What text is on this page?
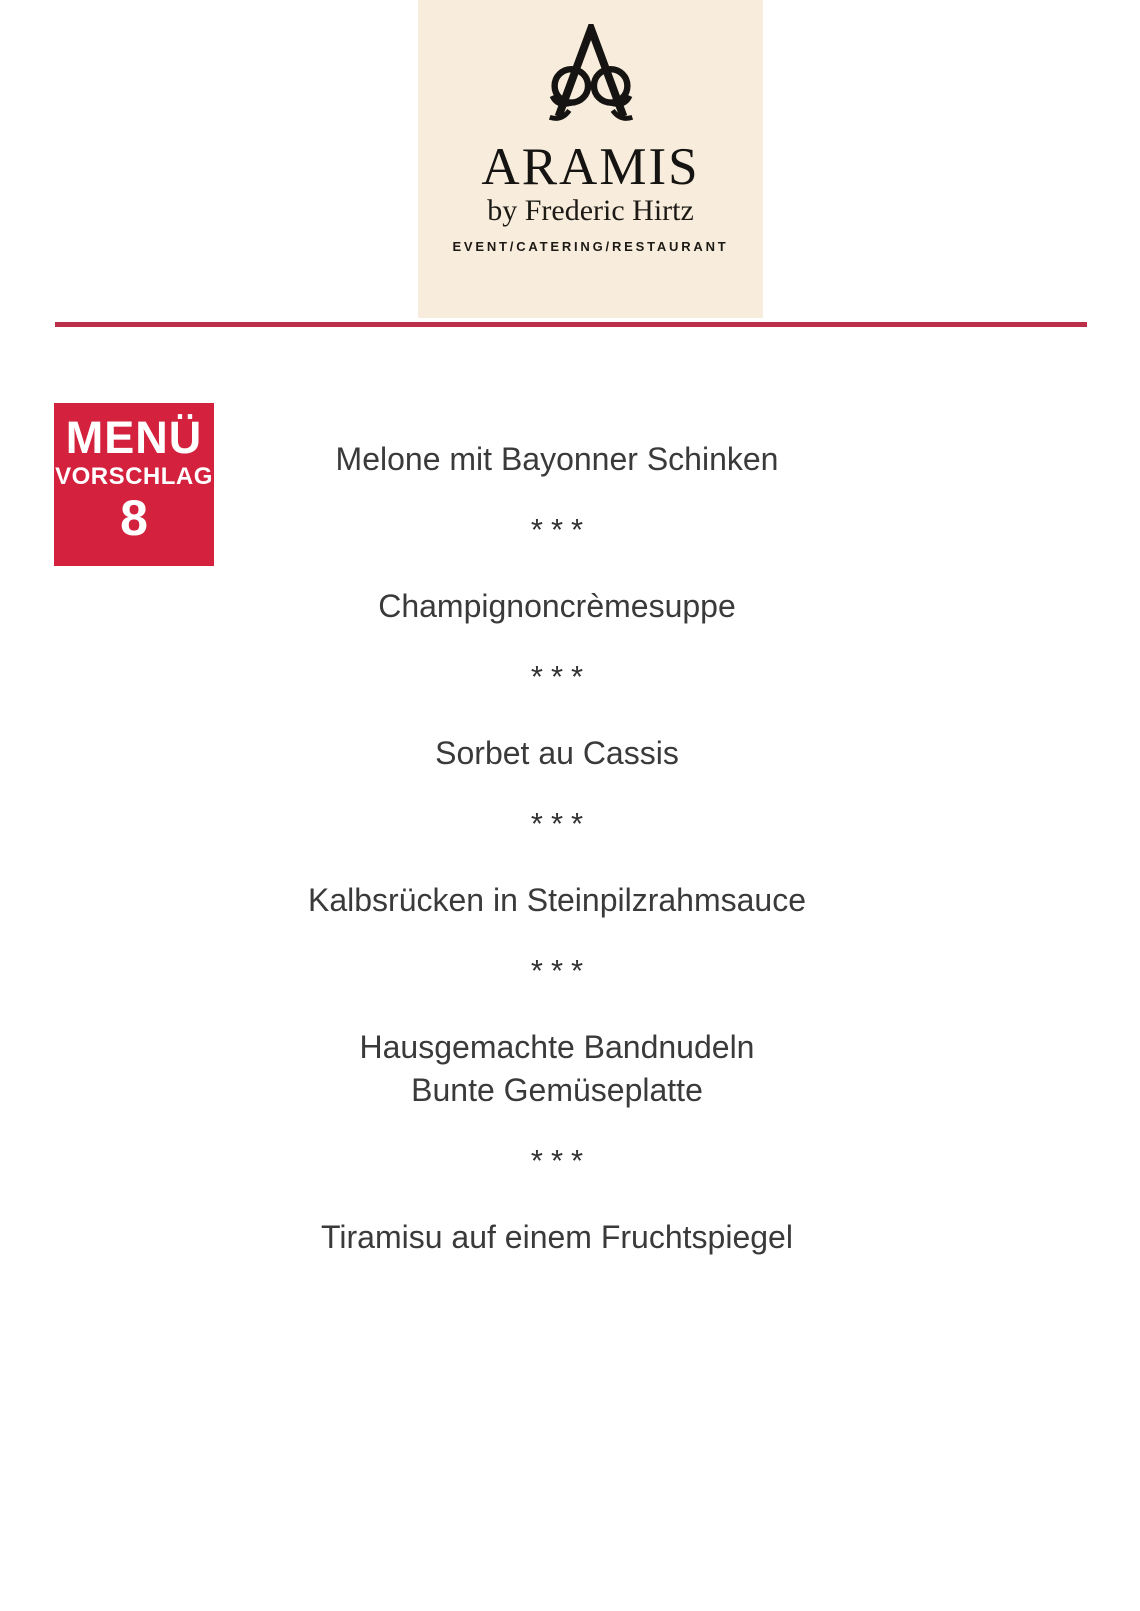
ARAMIS
by Frederic Hirtz
EVENT/CATERING/RESTAURANT
MENÜ
VORSCHLAG
8
Melone mit Bayonner Schinken
***
Champignoncrèmesuppe
***
Sorbet au Cassis
***
Kalbsrücken in Steinpilzrahmsauce
***
Hausgemachte Bandnudeln
Bunte Gemüseplatte
***
Tiramisu auf einem Fruchtspiegel
